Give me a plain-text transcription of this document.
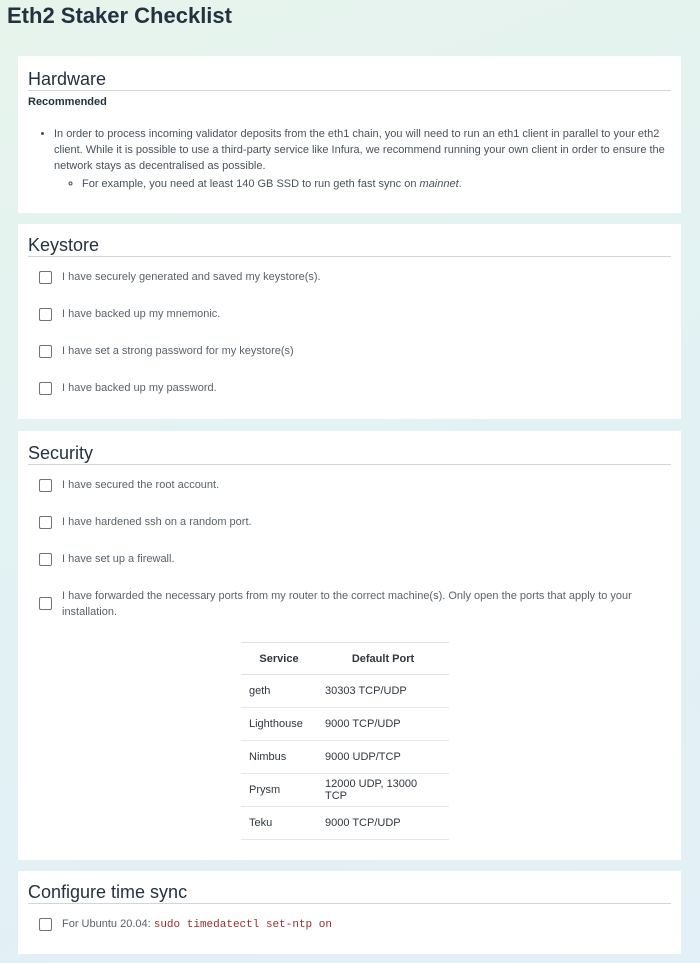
Eth2 Staker Checklist
Hardware
Recommended
• In order to process incoming validator deposits from the eth1 chain, you will need to run an eth1 client in parallel to your eth2 client. While it is possible to use a third-party service like Infura, we recommend running your own client in order to ensure the network stays as decentralised as possible.
◦ For example, you need at least 140 GB SSD to run geth fast sync on mainnet.
Keystore
I have securely generated and saved my keystore(s).
I have backed up my mnemonic.
I have set a strong password for my keystore(s)
I have backed up my password.
Security
I have secured the root account.
I have hardened ssh on a random port.
I have set up a firewall.
I have forwarded the necessary ports from my router to the correct machine(s). Only open the ports that apply to your installation.
Service	Default Port
geth	30303 TCP/UDP
Lighthouse	9000 TCP/UDP
Nimbus	9000 UDP/TCP
Prysm	12000 UDP, 13000 TCP
Teku	9000 TCP/UDP
Configure time sync
For Ubuntu 20.04: sudo timedatectl set-ntp on
